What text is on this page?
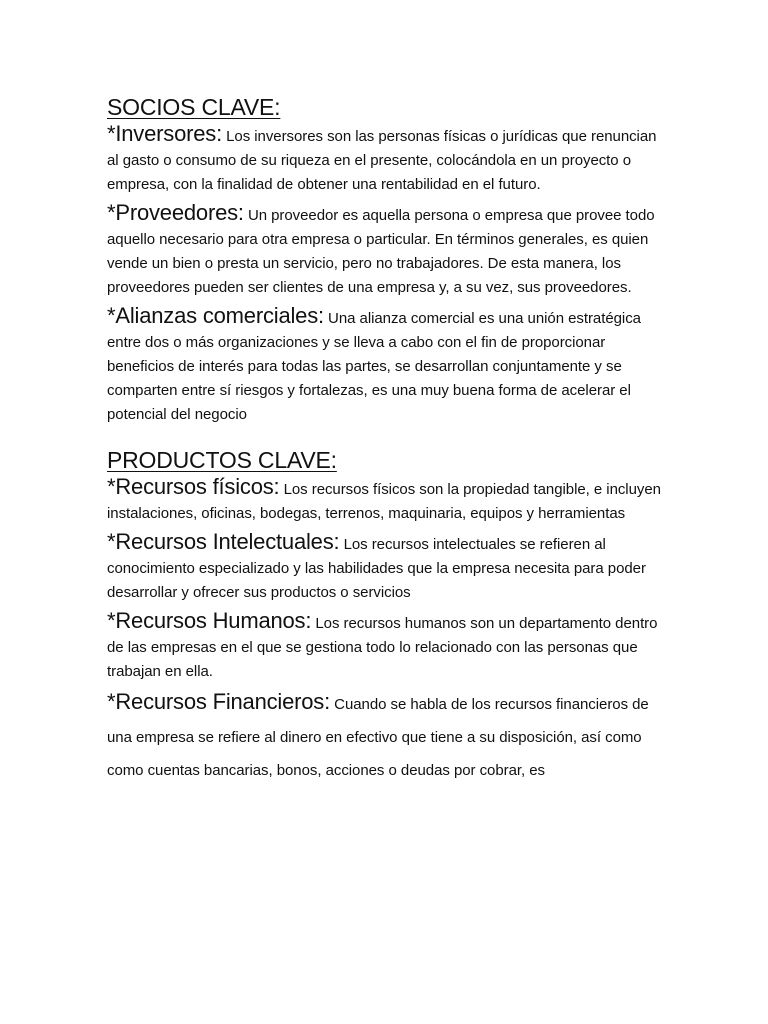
SOCIOS CLAVE:

*Inversores: Los inversores son las personas físicas o jurídicas que renuncian al gasto o consumo de su riqueza en el presente, colocándola en un proyecto o empresa, con la finalidad de obtener una rentabilidad en el futuro.

*Proveedores: Un proveedor es aquella persona o empresa que provee todo aquello necesario para otra empresa o particular. En términos generales, es quien vende un bien o presta un servicio, pero no trabajadores. De esta manera, los proveedores pueden ser clientes de una empresa y, a su vez, sus proveedores.

*Alianzas comerciales: Una alianza comercial es una unión estratégica entre dos o más organizaciones y se lleva a cabo con el fin de proporcionar beneficios de interés para todas las partes, se desarrollan conjuntamente y se comparten entre sí riesgos y fortalezas, es una muy buena forma de acelerar el potencial del negocio

PRODUCTOS CLAVE:

*Recursos físicos: Los recursos físicos son la propiedad tangible, e incluyen instalaciones, oficinas, bodegas, terrenos, maquinaria, equipos y herramientas

*Recursos Intelectuales: Los recursos intelectuales se refieren al conocimiento especializado y las habilidades que la empresa necesita para poder desarrollar y ofrecer sus productos o servicios

*Recursos Humanos: Los recursos humanos son un departamento dentro de las empresas en el que se gestiona todo lo relacionado con las personas que trabajan en ella.

*Recursos Financieros: Cuando se habla de los recursos financieros de una empresa se refiere al dinero en efectivo que tiene a su disposición, así como como cuentas bancarias, bonos, acciones o deudas por cobrar, es
